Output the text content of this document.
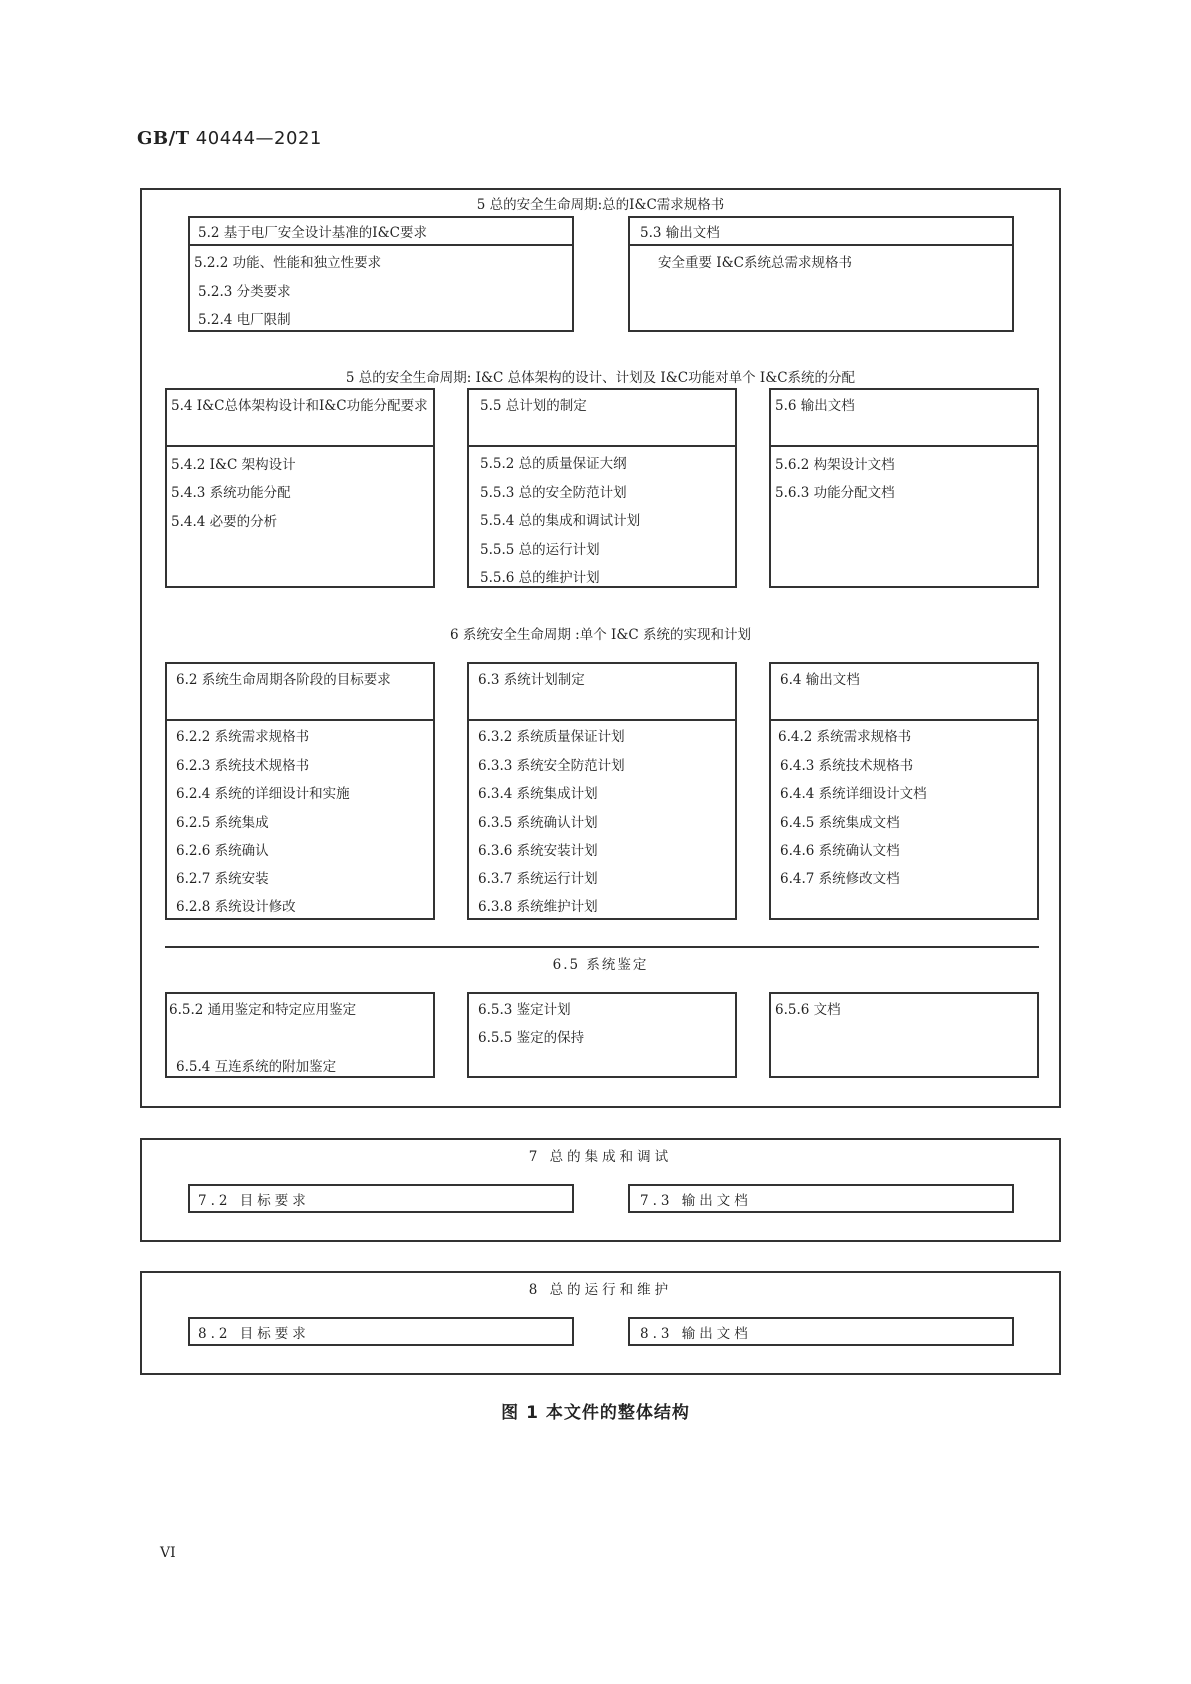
GB/T 40444—2021
5 总的安全生命周期:总的I&C需求规格书
5.2 基于电厂安全设计基准的I&C要求
5.2.2 功能、性能和独立性要求
5.2.3 分类要求
5.2.4 电厂限制
5.3 输出文档
安全重要 I&C系统总需求规格书
5 总的安全生命周期: I&C 总体架构的设计、计划及 I&C功能对单个 I&C系统的分配
5.4 I&C总体架构设计和I&C功能分配要求
5.4.2 I&C 架构设计
5.4.3 系统功能分配
5.4.4 必要的分析
5.5 总计划的制定
5.5.2 总的质量保证大纲
5.5.3 总的安全防范计划
5.5.4 总的集成和调试计划
5.5.5 总的运行计划
5.5.6 总的维护计划
5.6 输出文档
5.6.2 构架设计文档
5.6.3 功能分配文档
6 系统安全生命周期 :单个 I&C 系统的实现和计划
6.2 系统生命周期各阶段的目标要求
6.2.2 系统需求规格书
6.2.3 系统技术规格书
6.2.4 系统的详细设计和实施
6.2.5 系统集成
6.2.6 系统确认
6.2.7 系统安装
6.2.8 系统设计修改
6.3 系统计划制定
6.3.2 系统质量保证计划
6.3.3 系统安全防范计划
6.3.4 系统集成计划
6.3.5 系统确认计划
6.3.6 系统安装计划
6.3.7 系统运行计划
6.3.8 系统维护计划
6.4 输出文档
6.4.2 系统需求规格书
6.4.3 系统技术规格书
6.4.4 系统详细设计文档
6.4.5 系统集成文档
6.4.6 系统确认文档
6.4.7 系统修改文档
6.5 系统鉴定
6.5.2 通用鉴定和特定应用鉴定
6.5.4 互连系统的附加鉴定
6.5.3 鉴定计划
6.5.5 鉴定的保持
6.5.6 文档
7 总的集成和调试
7.2 目标要求	7.3 输出文档
8 总的运行和维护
8.2 目标要求	8.3 输出文档
图 1 本文件的整体结构
VI
